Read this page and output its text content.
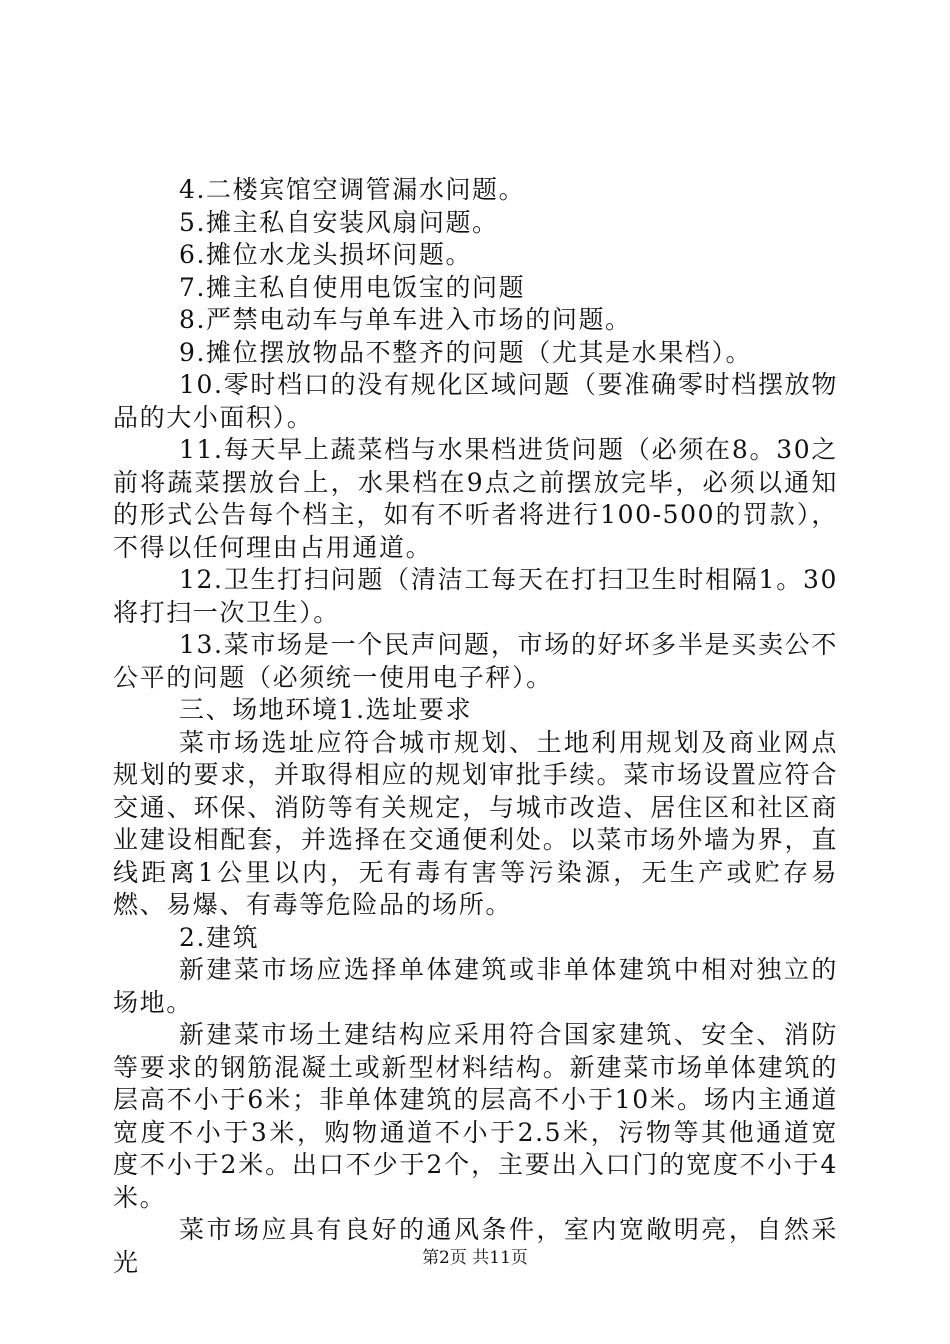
4.二楼宾馆空调管漏水问题。

5.摊主私自安装风扇问题。

6.摊位水龙头损坏问题。

7.摊主私自使用电饭宝的问题

8.严禁电动车与单车进入市场的问题。

9.摊位摆放物品不整齐的问题（尤其是水果档）。

10.零时档口的没有规化区域问题（要准确零时档摆放物品的大小面积）。

11.每天早上蔬菜档与水果档进货问题（必须在8。30之前将蔬菜摆放台上，水果档在9点之前摆放完毕，必须以通知的形式公告每个档主，如有不听者将进行100-500的罚款），不得以任何理由占用通道。

12.卫生打扫问题（清洁工每天在打扫卫生时相隔1。30将打扫一次卫生）。

13.菜市场是一个民声问题，市场的好坏多半是买卖公不公平的问题（必须统一使用电子秤）。

三、场地环境1.选址要求

菜市场选址应符合城市规划、土地利用规划及商业网点规划的要求，并取得相应的规划审批手续。菜市场设置应符合交通、环保、消防等有关规定，与城市改造、居住区和社区商业建设相配套，并选择在交通便利处。以菜市场外墙为界，直线距离1公里以内，无有毒有害等污染源，无生产或贮存易燃、易爆、有毒等危险品的场所。

2.建筑

新建菜市场应选择单体建筑或非单体建筑中相对独立的场地。

新建菜市场土建结构应采用符合国家建筑、安全、消防等要求的钢筋混凝土或新型材料结构。新建菜市场单体建筑的层高不小于6米；非单体建筑的层高不小于10米。场内主通道宽度不小于3米，购物通道不小于2.5米，污物等其他通道宽度不小于2米。出口不少于2个，主要出入口门的宽度不小于4米。

菜市场应具有良好的通风条件，室内宽敞明亮，自然采光	第2页 共11页
